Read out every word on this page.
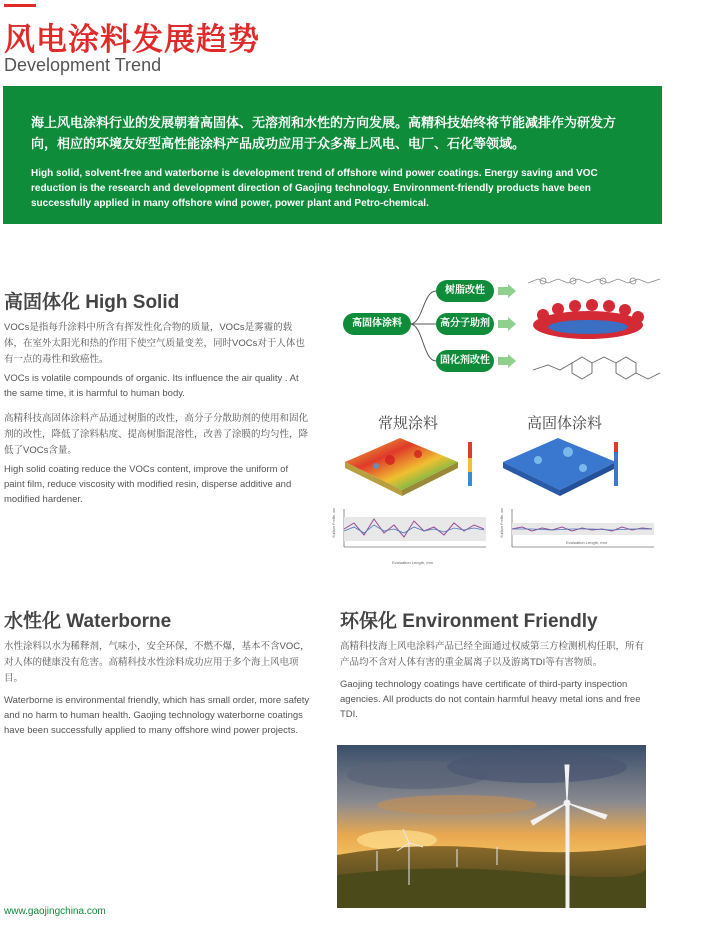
风电涂料发展趋势
Development Trend

海上风电涂料行业的发展朝着高固体、无溶剂和水性的方向发展。高精科技始终将节能减排作为研发方向，相应的环境友好型高性能涂料产品成功应用于众多海上风电、电厂、石化等领域。

High solid, solvent-free and waterborne is development trend of offshore wind power coatings. Energy saving and VOC reduction is the research and development direction of Gaojing technology. Environment-friendly products have been successfully applied in many offshore wind power, power plant and Petro-chemical.

高固体化 High Solid

VOCs是指每升涂料中所含有挥发性化合物的质量，VOCs是雾霾的载体，在室外太阳光和热的作用下使空气质量变差，同时VOCs对于人体也有一点的毒性和致癌性。

VOCs is volatile compounds of organic. Its influence the air quality . At the same time, it is harmful to human body.

高精科技高固体涂料产品通过树脂的改性，高分子分散助剂的使用和固化剂的改性，降低了涂料粘度、提高树脂混溶性，改善了涂膜的均匀性，降低了VOCs含量。

High solid coating reduce the VOCs content, improve the uniform of paint film, reduce viscosity with modified resin, disperse additive and modified hardener.

高固体涂料
树脂改性
高分子助剂
固化剂改性
常规涂料	高固体涂料
Surface Profile, um
Evaluation Length, mm
Surface Profile, um
Evaluation Length, mm
水性化 Waterborne

水性涂料以水为稀释剂，气味小，安全环保，不燃不爆，基本不含VOC，对人体的健康没有危害。高精科技水性涂料成功应用于多个海上风电项目。

Waterborne is environmental friendly, which has small order, more safety and no harm to human health. Gaojing technology waterborne coatings have been successfully applied to many offshore wind power projects.

环保化 Environment Friendly

高精科技海上风电涂料产品已经全面通过权威第三方检测机构任职，所有产品均不含对人体有害的重金属离子以及游离TDI等有害物质。

Gaojing technology coatings have certificate of third-party inspection agencies. All products do not contain harmful heavy metal ions and free TDI.

www.gaojingchina.com
